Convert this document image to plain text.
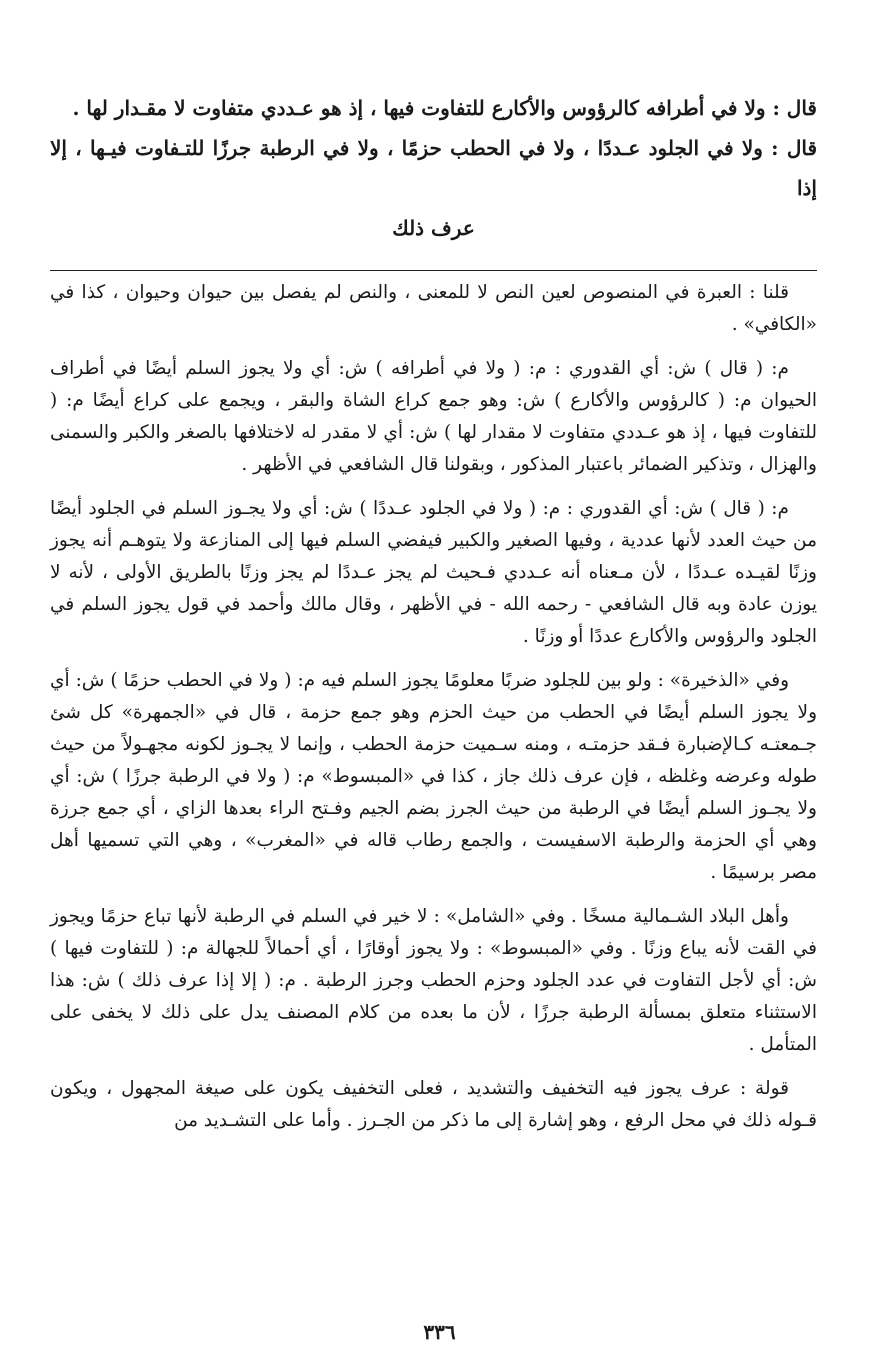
قال : ولا في أطرافه كالرؤوس والأكارع للتفاوت فيها ، إذ هو عـددي متفاوت لا مقـدار لها .

قال : ولا في الجلود عـددًا ، ولا في الحطب حزمًا ، ولا في الرطبة جرزًا للتـفاوت فيـها ، إلا إذا

عرف ذلك

قلنا : العبرة في المنصوص لعين النص لا للمعنى ، والنص لم يفصل بين حيوان وحيوان ، كذا في «الكافي» .

م: ( قال ) ش: أي القدوري : م: ( ولا في أطرافه ) ش: أي ولا يجوز السلم أيضًا في أطراف الحيوان م: ( كالرؤوس والأكارع ) ش: وهو جمع كراع الشاة والبقر ، ويجمع على كراع أيضًا م: ( للتفاوت فيها ، إذ هو عـددي متفاوت لا مقدار لها ) ش: أي لا مقدر له لاختلافها بالصغر والكبر والسمنى والهزال ، وتذكير الضمائر باعتبار المذكور ، وبقولنا قال الشافعي في الأظهر .

م: ( قال ) ش: أي القدوري : م: ( ولا في الجلود عـددًا ) ش: أي ولا يجـوز السلم في الجلود أيضًا من حيث العدد لأنها عددية ، وفيها الصغير والكبير فيفضي السلم فيها إلى المنازعة ولا يتوهـم أنه يجوز وزنًا لقيـده عـددًا ، لأن مـعناه أنه عـددي فـحيث لم يجز عـددًا لم يجز وزنًا بالطريق الأولى ، لأنه لا يوزن عادة وبه قال الشافعي - رحمه الله - في الأظهر ، وقال مالك وأحمد في قول يجوز السلم في الجلود والرؤوس والأكارع عددًا أو وزنًا .

وفي «الذخيرة» : ولو بين للجلود ضربًا معلومًا يجوز السلم فيه م: ( ولا في الحطب حزمًا ) ش: أي ولا يجوز السلم أيضًا في الحطب من حيث الحزم وهو جمع حزمة ، قال في «الجمهرة» كل شئ جـمعتـه كـالإضبارة فـقد حزمتـه ، ومنه سـميت حزمة الحطب ، وإنما لا يجـوز لكونه مجهـولاً من حيث طوله وعرضه وغلظه ، فإن عرف ذلك جاز ، كذا في «المبسوط» م: ( ولا في الرطبة جرزًا ) ش: أي ولا يجـوز السلم أيضًا في الرطبة من حيث الجرز بضم الجيم وفـتح الراء بعدها الزاي ، أي جمع جرزة وهي أي الحزمة والرطبة الاسفيست ، والجمع رطاب قاله في «المغرب» ، وهي التي تسميها أهل مصر برسيمًا .

وأهل البلاد الشـمالية مسخًا . وفي «الشامل» : لا خير في السلم في الرطبة لأنها تباع حزمًا ويجوز في القت لأنه يباع وزنًا . وفي «المبسوط» : ولا يجوز أوقارًا ، أي أحمالاً للجهالة م: ( للتفاوت فيها ) ش: أي لأجل التفاوت في عدد الجلود وحزم الحطب وجرز الرطبة . م: ( إلا إذا عرف ذلك ) ش: هذا الاستثناء متعلق بمسألة الرطبة جرزًا ، لأن ما بعده من كلام المصنف يدل على ذلك لا يخفى على المتأمل .

قولة : عرف يجوز فيه التخفيف والتشديد ، فعلى التخفيف يكون على صيغة المجهول ، ويكون قـوله ذلك في محل الرفع ، وهو إشارة إلى ما ذكر من الجـرز . وأما على التشـديد من

٣٣٦
